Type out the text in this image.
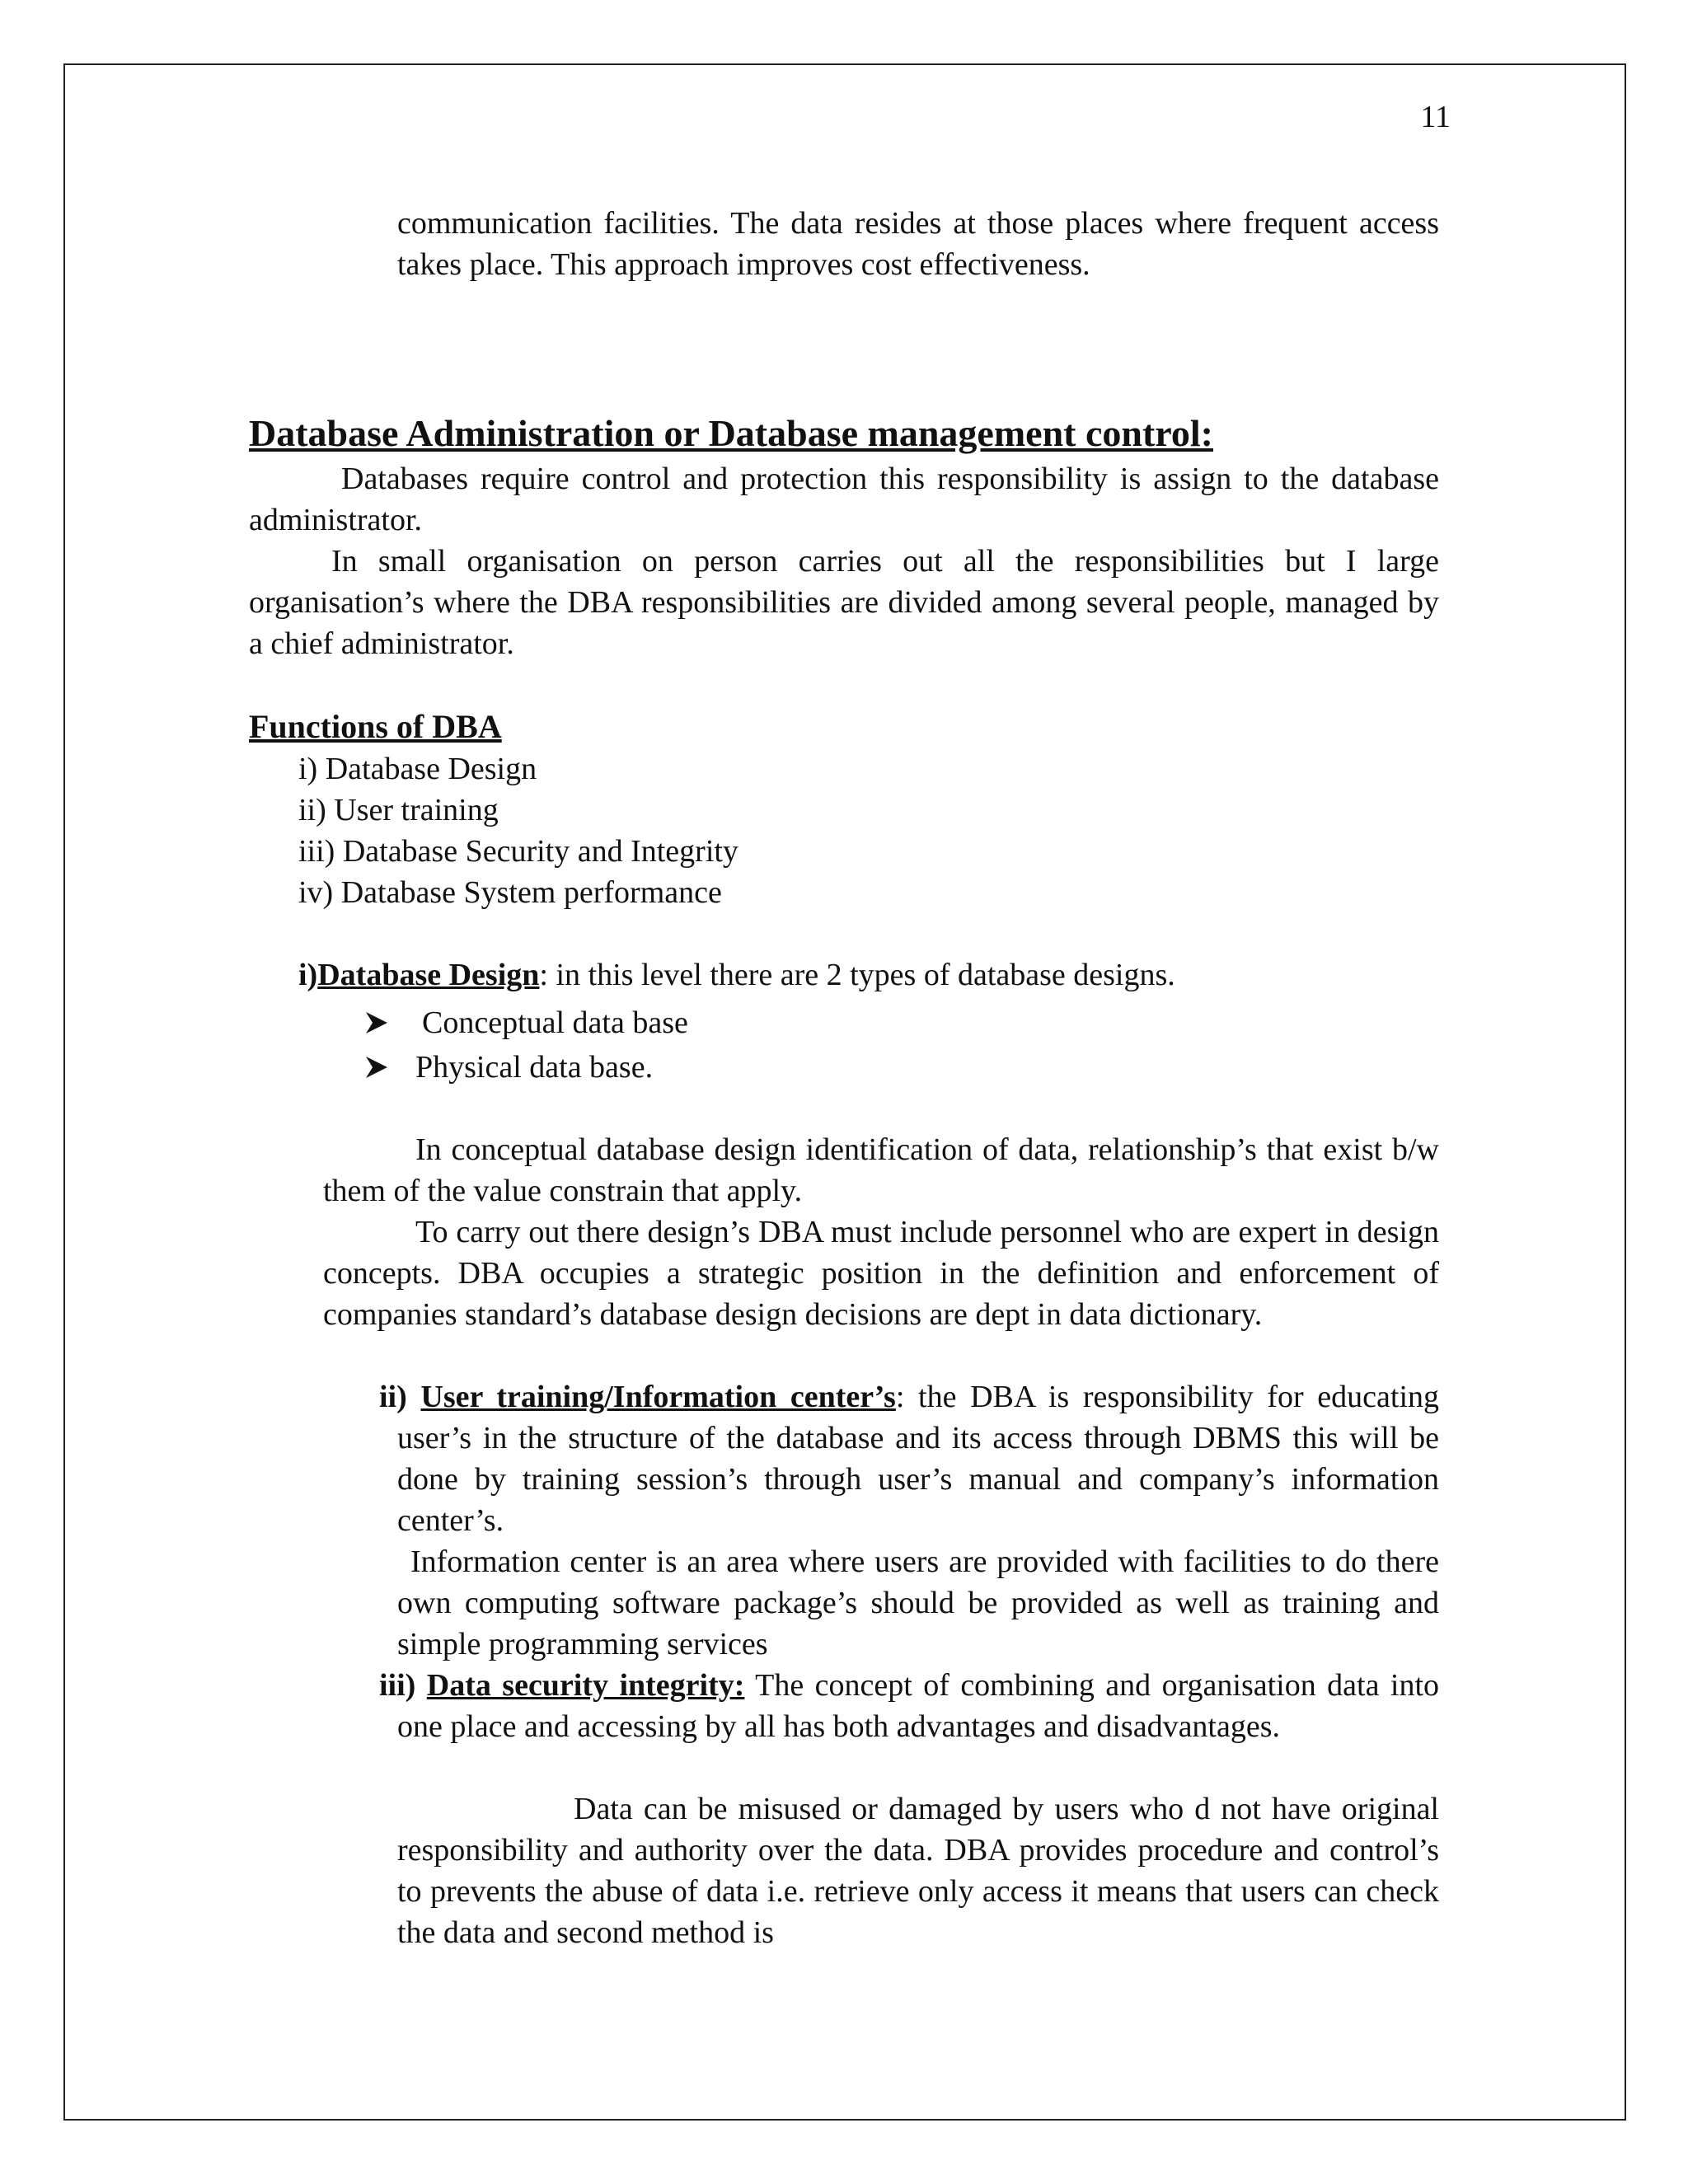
11
communication facilities. The data resides at those places where frequent access takes place. This approach improves cost effectiveness.
Database Administration or Database management control:
Databases require control and protection this responsibility is assign to the database administrator.
In small organisation on person carries out all the responsibilities but I large organisation’s where the DBA responsibilities are divided among several people, managed by a chief administrator.
Functions of DBA
i) Database Design
ii) User training
iii) Database Security and Integrity
iv) Database System performance
i)Database Design: in this level there are 2 types of database designs.
Conceptual data base
Physical data base.
In conceptual database design identification of data, relationship’s that exist b/w them of the value constrain that apply.
To carry out there design’s DBA must include personnel who are expert in design concepts. DBA occupies a strategic position in the definition and enforcement of companies standard’s database design decisions are dept in data dictionary.
ii) User training/Information center’s: the DBA is responsibility for educating user’s in the structure of the database and its access through DBMS this will be done by training session’s through user’s manual and company’s information center’s.
Information center is an area where users are provided with facilities to do there own computing software package’s should be provided as well as training and simple programming services
iii) Data security integrity: The concept of combining and organisation data into one place and accessing by all has both advantages and disadvantages.
Data can be misused or damaged by users who d not have original responsibility and authority over the data. DBA provides procedure and control’s to prevents the abuse of data i.e. retrieve only access it means that users can check the data and second method is
